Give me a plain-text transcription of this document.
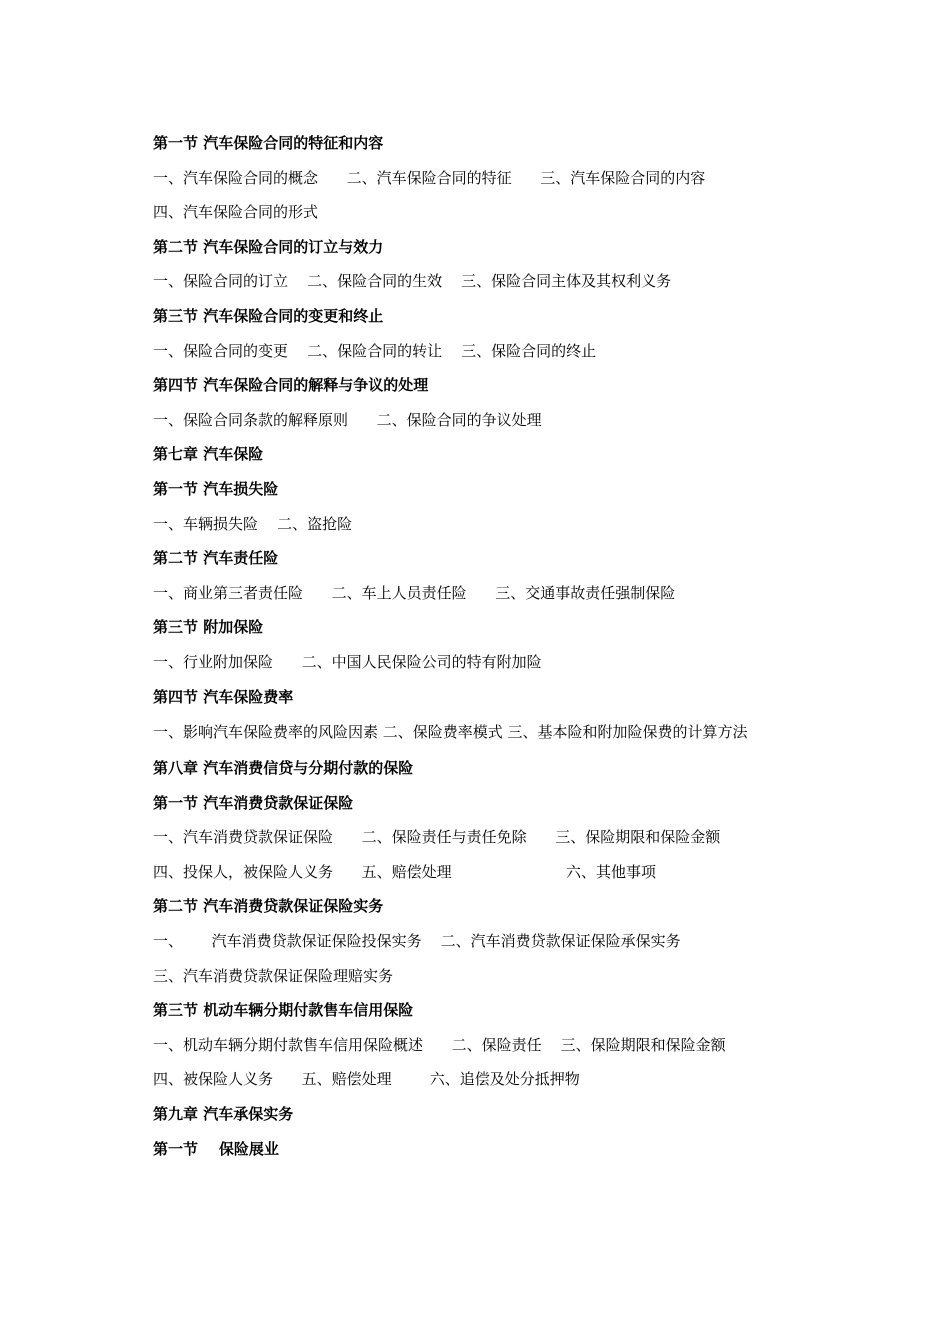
第一节 汽车保险合同的特征和内容
一、汽车保险合同的概念      二、汽车保险合同的特征      三、汽车保险合同的内容
四、汽车保险合同的形式
第二节 汽车保险合同的订立与效力
一、保险合同的订立    二、保险合同的生效    三、保险合同主体及其权利义务
第三节 汽车保险合同的变更和终止
一、保险合同的变更    二、保险合同的转让    三、保险合同的终止
第四节 汽车保险合同的解释与争议的处理
一、保险合同条款的解释原则      二、保险合同的争议处理
第七章 汽车保险
第一节 汽车损失险
一、车辆损失险    二、盗抢险
第二节 汽车责任险
一、商业第三者责任险      二、车上人员责任险      三、交通事故责任强制保险
第三节 附加保险
一、行业附加保险      二、中国人民保险公司的特有附加险
第四节 汽车保险费率
一、影响汽车保险费率的风险因素 二、保险费率模式 三、基本险和附加险保费的计算方法
第八章 汽车消费信贷与分期付款的保险
第一节 汽车消费贷款保证保险
一、汽车消费贷款保证保险      二、保险责任与责任免除      三、保险期限和保险金额
四、投保人，被保险人义务      五、赔偿处理                        六、其他事项
第二节 汽车消费贷款保证保险实务
一、      汽车消费贷款保证保险投保实务    二、汽车消费贷款保证保险承保实务
三、汽车消费贷款保证保险理赔实务
第三节 机动车辆分期付款售车信用保险
一、机动车辆分期付款售车信用保险概述      二、保险责任    三、保险期限和保险金额
四、被保险人义务      五、赔偿处理        六、追偿及处分抵押物
第九章 汽车承保实务
第一节    保险展业
